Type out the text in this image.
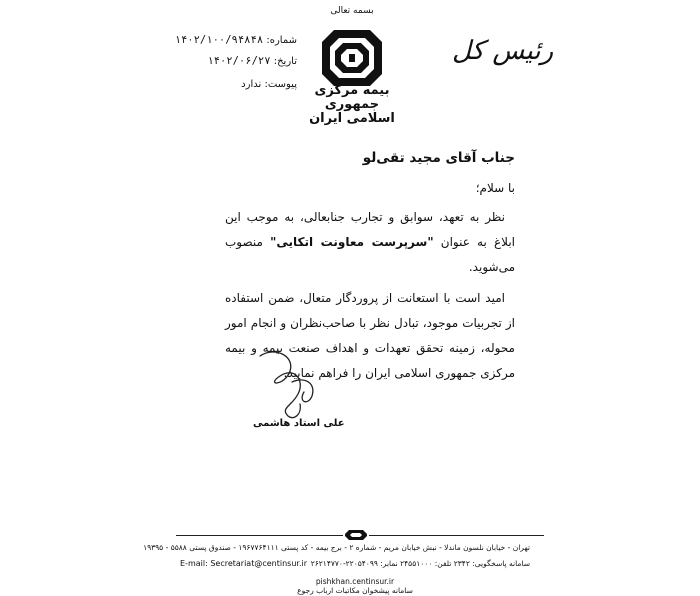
بسمه تعالی
شماره: ۱۴۰۲/۱۰۰/۹۴۸۴۸
تاریخ: ۱۴۰۲/۰۶/۲۷
پیوست: ندارد	بیمه مرکزی
جمهوری اسلامی ایران
رئیس کل
جناب آقای مجید تقی‌لو
با سلام؛

نظر به تعهد، سوابق و تجارب جنابعالی، به موجب این ابلاغ به عنوان "سرپرست معاونت اتکایی" منصوب می‌شوید.

امید است با استعانت از پروردگار متعال، ضمن استفاده از تجربیات موجود، تبادل نظر با صاحب‌نظران و انجام امور محوله، زمینه تحقق تعهدات و اهداف صنعت بیمه و بیمه مرکزی جمهوری اسلامی ایران را فراهم نمایید.

علی استاد هاشمی
تهران - خیابان نلسون ماندلا - نبش خیابان مریم - شماره ۲ - برج بیمه - کد پستی ۱۹۶۷۷۶۴۱۱۱ - صندوق پستی ۵۵۸۸ - ۱۹۳۹۵
سامانه پاسخگویی: ۲۳۴۲ تلفن: ۲۴۵۵۱۰۰۰ نمابر: ۲۲۰۵۴۰۹۹-۲۶۲۱۴۷۷۰
E-mail: Secretariat@centinsur.ir
pishkhan.centinsur.ir
سامانه پیشخوان مکاتبات ارباب رجوع
